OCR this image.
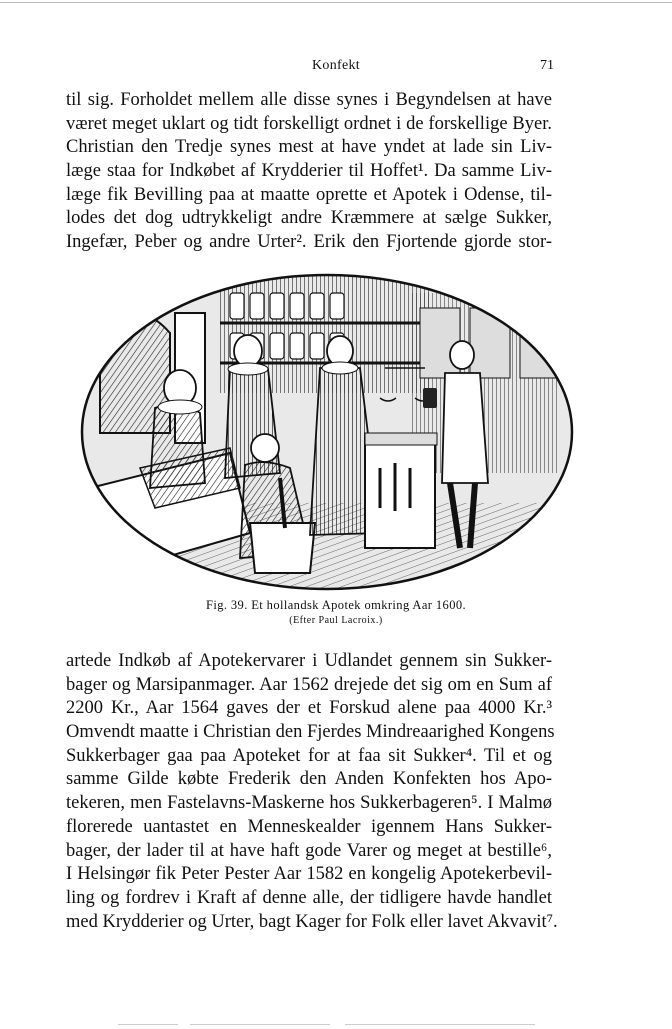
Konfekt	71

til sig. Forholdet mellem alle disse synes i Begyndelsen at have
været meget uklart og tidt forskelligt ordnet i de forskellige Byer.
Christian den Tredje synes mest at have yndet at lade sin Liv-
læge staa for Indkøbet af Krydderier til Hoffet¹. Da samme Liv-
læge fik Bevilling paa at maatte oprette et Apotek i Odense, til-
lodes det dog udtrykkeligt andre Kræmmere at sælge Sukker,
Ingefær, Peber og andre Urter². Erik den Fjortende gjorde stor-

Fig. 39. Et hollandsk Apotek omkring Aar 1600.
(Efter Paul Lacroix.)

artede Indkøb af Apotekervarer i Udlandet gennem sin Sukker-
bager og Marsipanmager. Aar 1562 drejede det sig om en Sum af
2200 Kr., Aar 1564 gaves der et Forskud alene paa 4000 Kr.³
Omvendt maatte i Christian den Fjerdes Mindreaarighed Kongens
Sukkerbager gaa paa Apoteket for at faa sit Sukker⁴. Til et og
samme Gilde købte Frederik den Anden Konfekten hos Apo-
tekeren, men Fastelavns-Maskerne hos Sukkerbageren⁵. I Malmø
florerede uantastet en Menneskealder igennem Hans Sukker-
bager, der lader til at have haft gode Varer og meget at bestille⁶,
I Helsingør fik Peter Pester Aar 1582 en kongelig Apotekerbevil-
ling og fordrev i Kraft af denne alle, der tidligere havde handlet
med Krydderier og Urter, bagt Kager for Folk eller lavet Akvavit⁷.
